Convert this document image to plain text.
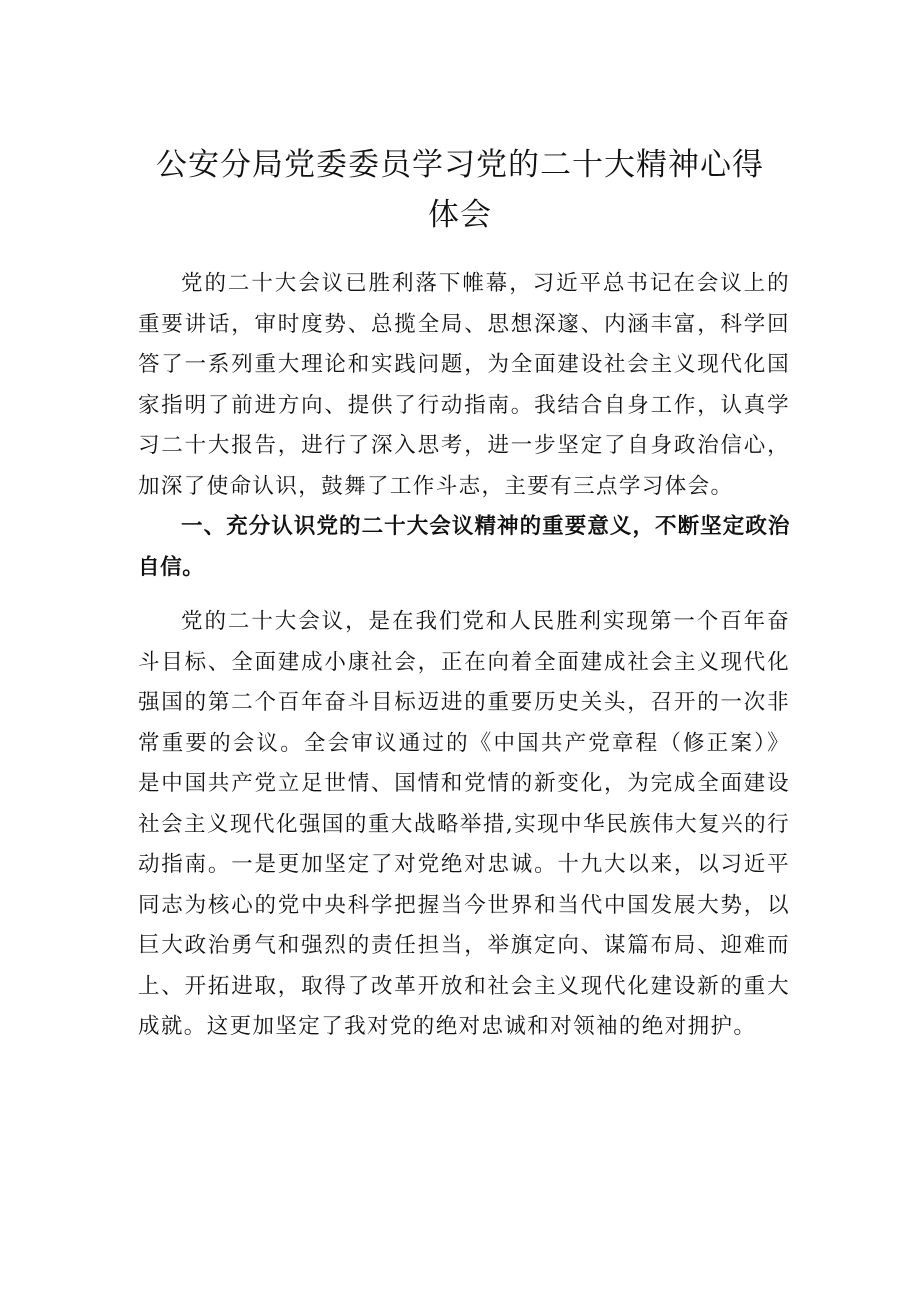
公安分局党委委员学习党的二十大精神心得
体会

党的二十大会议已胜利落下帷幕，习近平总书记在会议上的重要讲话，审时度势、总揽全局、思想深邃、内涵丰富，科学回答了一系列重大理论和实践问题，为全面建设社会主义现代化国家指明了前进方向、提供了行动指南。我结合自身工作，认真学习二十大报告，进行了深入思考，进一步坚定了自身政治信心，加深了使命认识，鼓舞了工作斗志，主要有三点学习体会。

一、充分认识党的二十大会议精神的重要意义，不断坚定政治自信。

党的二十大会议，是在我们党和人民胜利实现第一个百年奋斗目标、全面建成小康社会，正在向着全面建成社会主义现代化强国的第二个百年奋斗目标迈进的重要历史关头，召开的一次非常重要的会议。全会审议通过的《中国共产党章程（修正案）》是中国共产党立足世情、国情和党情的新变化，为完成全面建设社会主义现代化强国的重大战略举措,实现中华民族伟大复兴的行动指南。一是更加坚定了对党绝对忠诚。十九大以来，以习近平同志为核心的党中央科学把握当今世界和当代中国发展大势，以巨大政治勇气和强烈的责任担当，举旗定向、谋篇布局、迎难而上、开拓进取，取得了改革开放和社会主义现代化建设新的重大成就。这更加坚定了我对党的绝对忠诚和对领袖的绝对拥护。
